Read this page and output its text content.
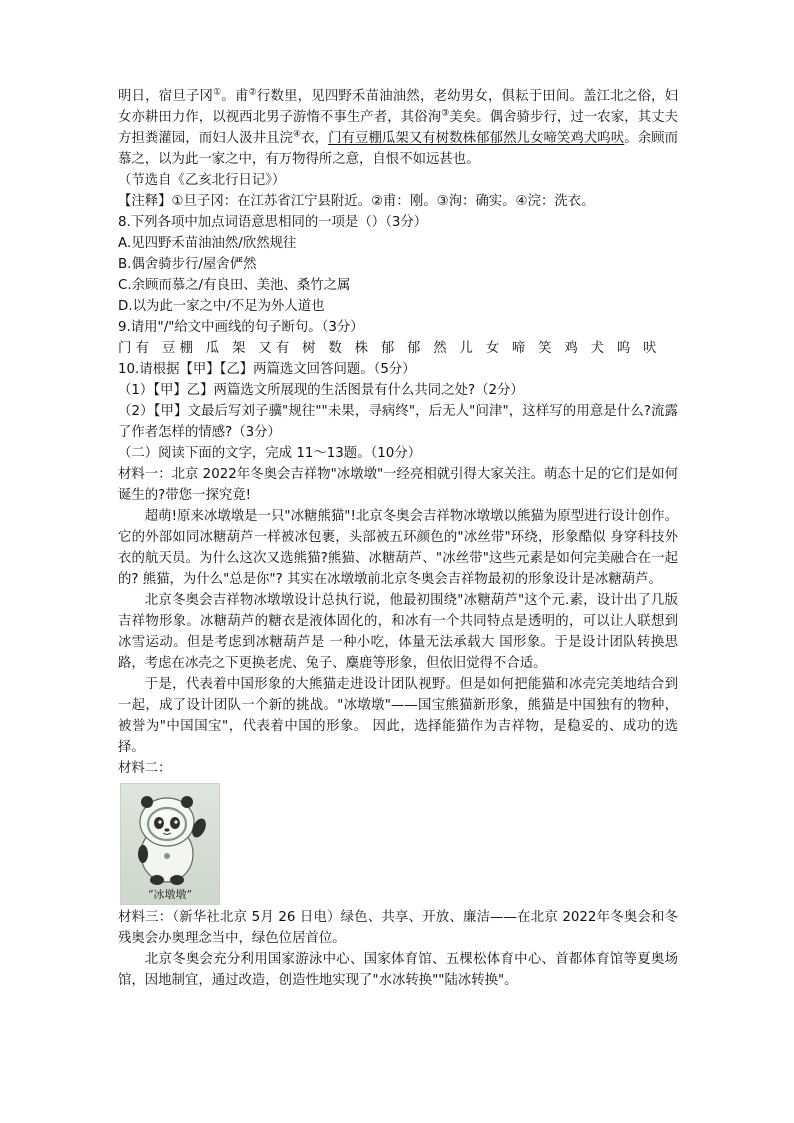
明日，宿旦子冈①。甫②行数里，见四野禾苗油油然，老幼男女，俱耘于田间。盖江北之俗，妇女亦耕田力作，以视西北男子游惰不事生产者，其俗洵③美矣。偶舍骑步行，过一农家，其丈夫方担粪灌园，而妇人汲井且浣④衣，门有豆棚瓜架又有树数株郁郁然儿女啼笑鸡犬呜吠。余顾而慕之，以为此一家之中，有万物得所之意，自恨不如远甚也。

（节选自《乙亥北行日记》）

【注释】①旦子冈：在江苏省江宁县附近。②甫：刚。③洵：确实。④浣：洗衣。

8.下列各项中加点词语意思相同的一项是（）（3分）

A.见四野禾苗油油然/欣然规往

B.偶舍骑步行/屋舍俨然

C.余顾而慕之/有良田、美池、桑竹之属

D.以为此一家之中/不足为外人道也

9.请用"/"给文中画线的句子断句。（3分）

门有 豆棚 瓜 架 又有 树 数 株 郁 郁 然 儿 女 啼 笑 鸡 犬 呜 吠

10.请根据【甲】【乙】两篇选文回答问题。（5分）

（1）【甲】乙】两篇选文所展现的生活图景有什么共同之处?（2分）

（2）【甲】文最后写刘子骥"规往""未果，寻病终"，后无人"问津"，这样写的用意是什么?流露了作者怎样的情感?（3分）

（二）阅读下面的文字，完成 11～13题。（10分）

材料一：北京 2022年冬奥会吉祥物"冰墩墩"一经亮相就引得大家关注。萌态十足的它们是如何诞生的?带您一探究竟!

超萌!原来冰墩墩是一只"冰糖熊猫"!北京冬奥会吉祥物冰墩墩以熊猫为原型进行设计创作。它的外部如同冰糖葫芦一样被冰包裹，头部被五环颜色的"冰丝带"环绕，形象酷似 身穿科技外衣的航天员。为什么这次又选熊猫?熊猫、冰糖葫芦、"冰丝带"这些元素是如何完美融合在一起的? 熊猫，为什么"总是你"? 其实在冰墩墩前北京冬奥会吉祥物最初的形象设计是冰糖葫芦。

北京冬奥会吉祥物冰墩墩设计总执行说，他最初围绕"冰糖葫芦"这个元.素，设计出了几版吉祥物形象。冰糖葫芦的糖衣是液体固化的，和冰有一个共同特点是透明的，可以让人联想到冰雪运动。但是考虑到冰糖葫芦是 一种小吃，体量无法承载大 国形象。于是设计团队转换思路，考虑在冰壳之下更换老虎、兔子、麋鹿等形象，但依旧觉得不合适。

于是，代表着中国形象的大熊猫走进设计团队视野。但是如何把能猫和冰壳完美地结合到一起，成了设计团队一个新的挑战。"冰墩墩"——国宝熊猫新形象，熊猫是中国独有的物种，被誉为"中国国宝"，代表着中国的形象。 因此，选择能猫作为吉祥物，是稳妥的、成功的选择。

材料二：

“冰墩墩”

材料三：（新华社北京 5月 26 日电）绿色、共享、开放、廉洁——在北京 2022年冬奥会和冬残奥会办奥理念当中，绿色位居首位。

北京冬奥会充分利用国家游泳中心、国家体育馆、五棵松体育中心、首都体育馆等夏奥场馆，因地制宜，通过改造，创造性地实现了"水冰转换""陆冰转换"。
